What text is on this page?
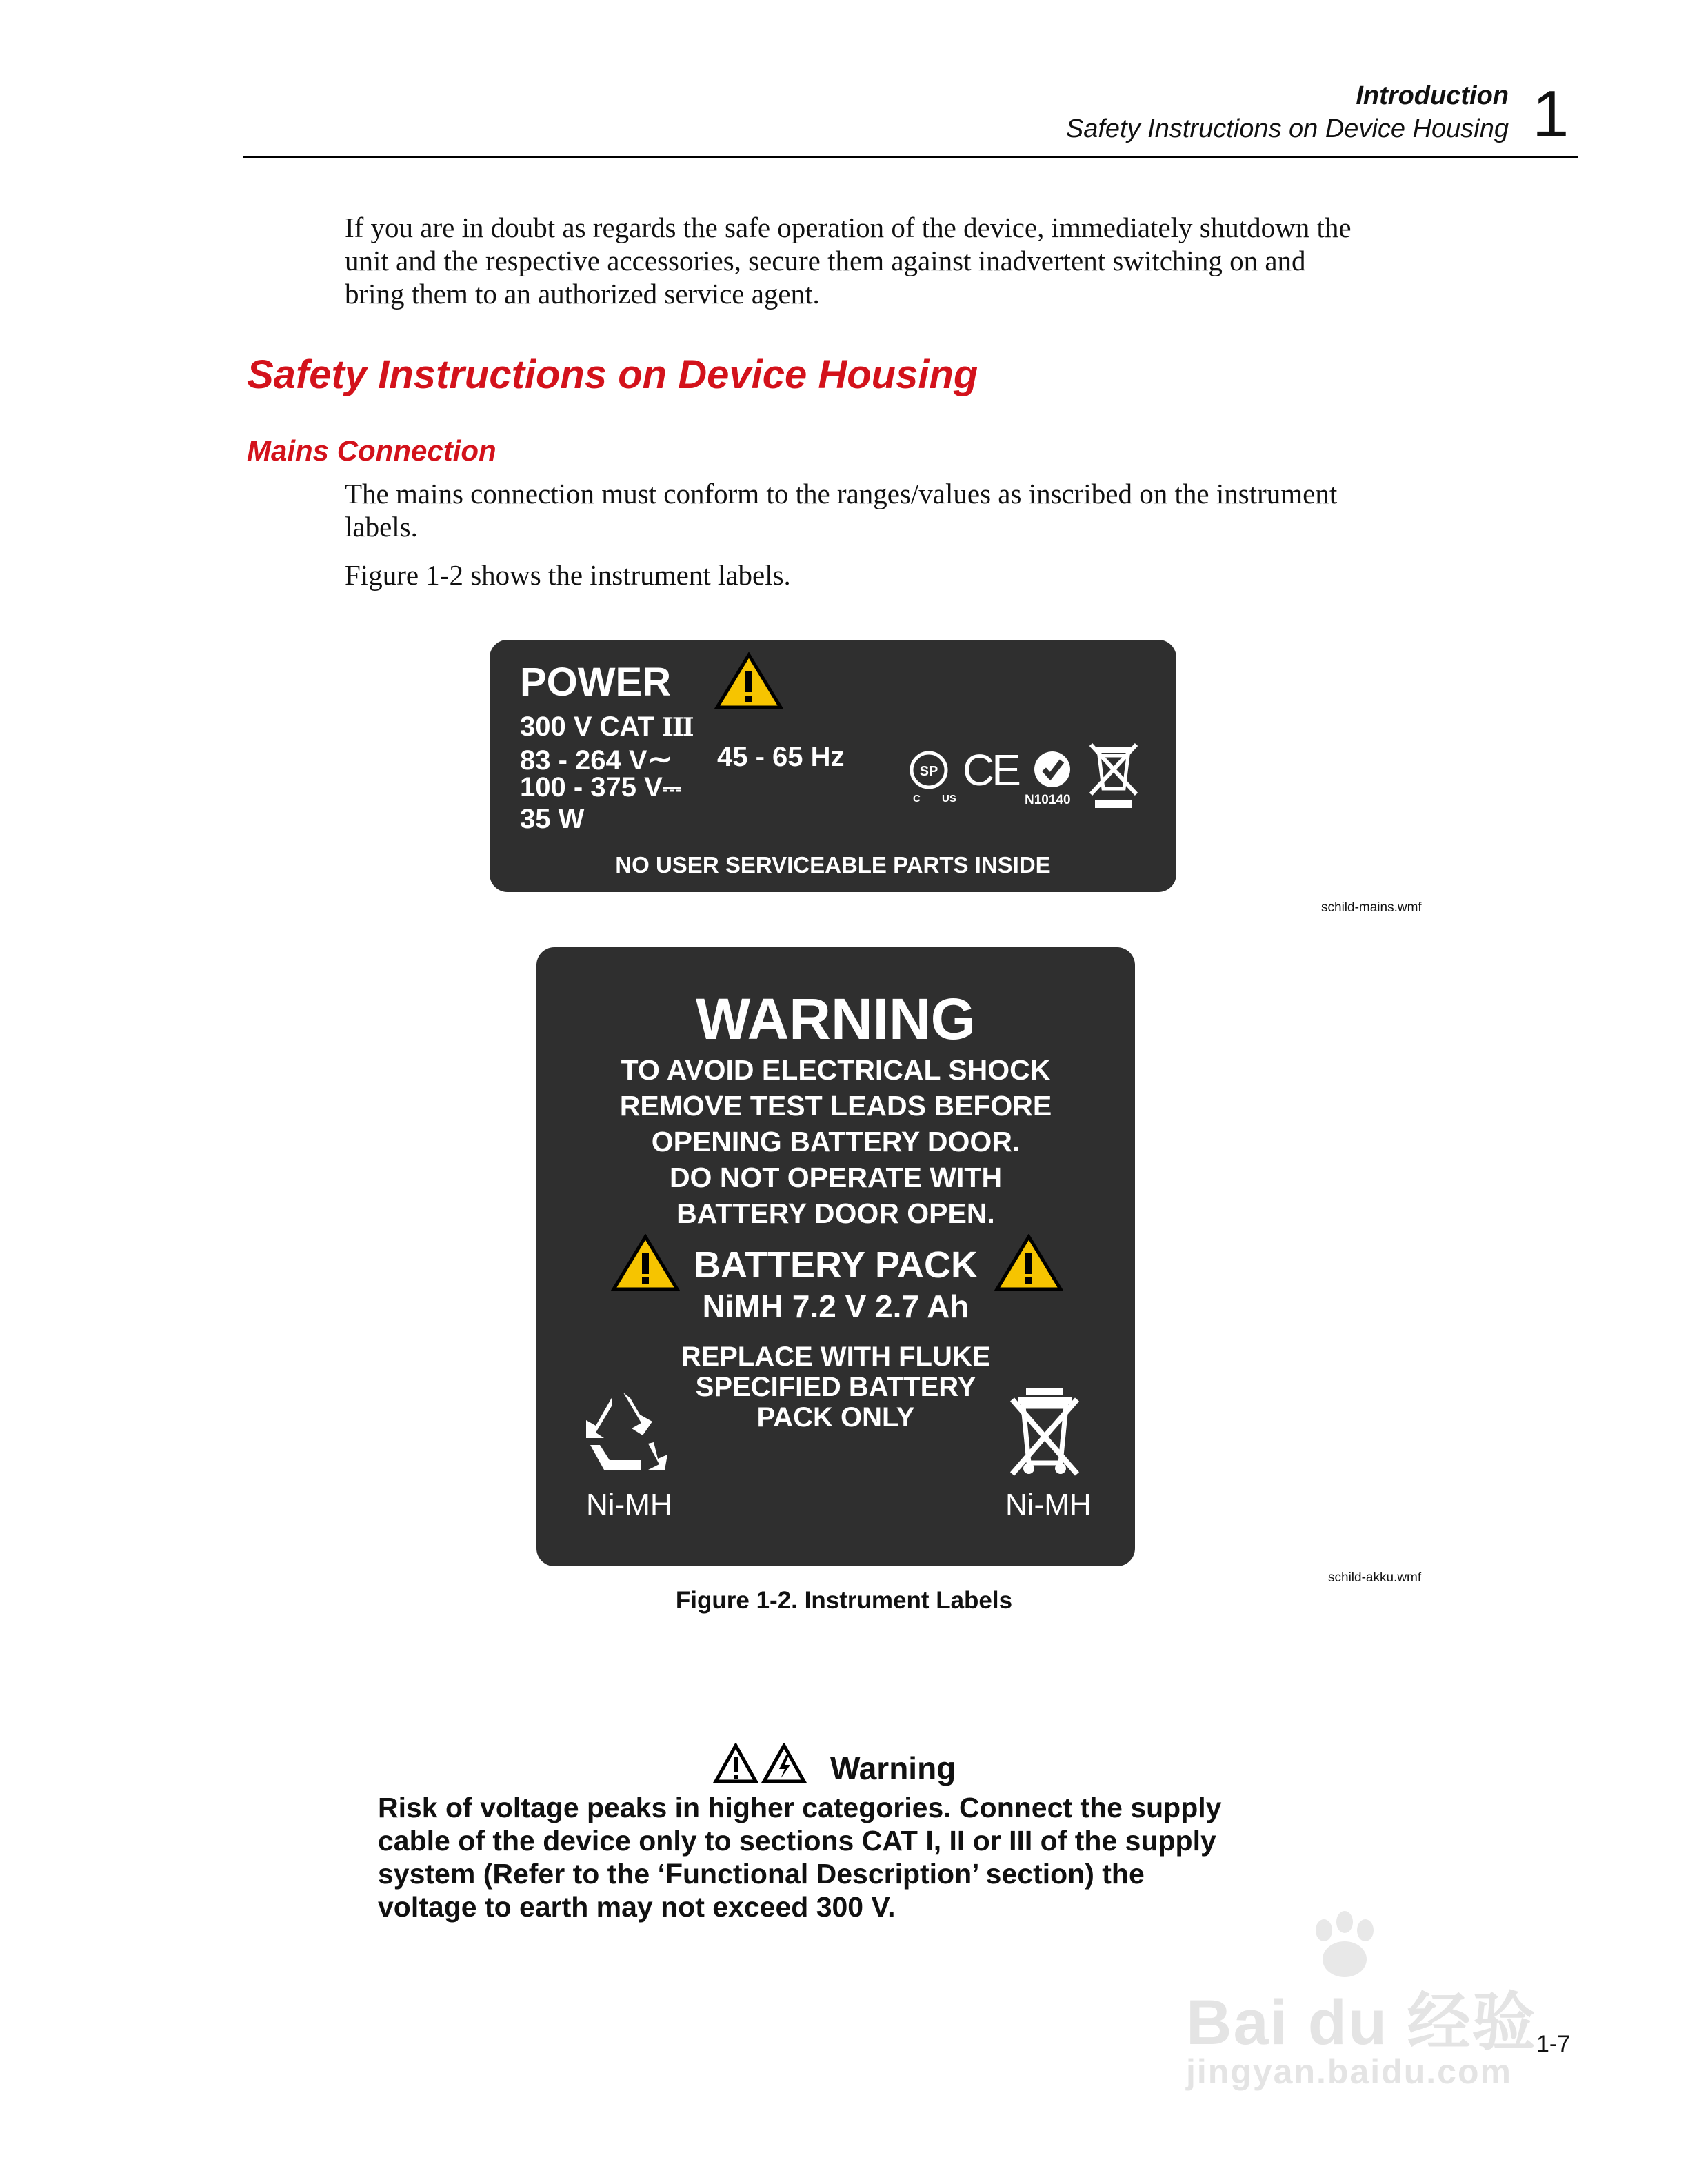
Introduction
Safety Instructions on Device Housing 1
If you are in doubt as regards the safe operation of the device, immediately shutdown the
unit and the respective accessories, secure them against inadvertent switching on and
bring them to an authorized service agent.
Safety Instructions on Device Housing
Mains Connection
The mains connection must conform to the ranges/values as inscribed on the instrument
labels.
Figure 1-2 shows the instrument labels.
POWER
300 V CAT III
83 - 264 V∼ 45 - 65 Hz
100 - 375 V⎓
35 W
SP
C US
CE
N10140
NO USER SERVICEABLE PARTS INSIDE
schild-mains.wmf
WARNING
TO AVOID ELECTRICAL SHOCK
REMOVE TEST LEADS BEFORE
OPENING BATTERY DOOR.
DO NOT OPERATE WITH
BATTERY DOOR OPEN.
BATTERY PACK
NiMH 7.2 V 2.7 Ah
REPLACE WITH FLUKE
SPECIFIED BATTERY
PACK ONLY
Ni-MH	Ni-MH
schild-akku.wmf
Figure 1-2. Instrument Labels
Warning
Risk of voltage peaks in higher categories. Connect the supply
cable of the device only to sections CAT I, II or III of the supply
system (Refer to the ‘Functional Description’ section) the
voltage to earth may not exceed 300 V.
Bai du 经验
jingyan.baidu.com
1-7
